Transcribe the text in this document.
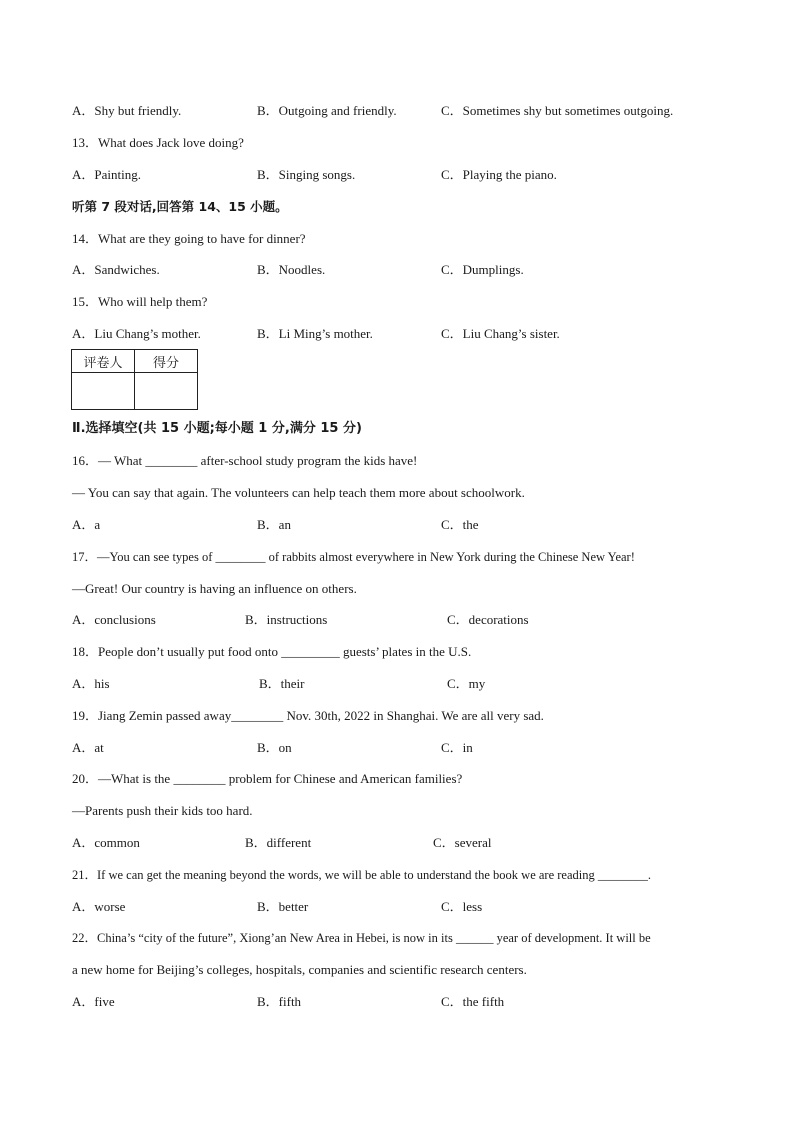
A．Shy but friendly.	B．Outgoing and friendly.	C．Sometimes shy but sometimes outgoing.
13．What does Jack love doing?
A．Painting.	B．Singing songs.	C．Playing the piano.
听第 7 段对话,回答第 14、15 小题。
14．What are they going to have for dinner?
A．Sandwiches.	B．Noodles.	C．Dumplings.
15．Who will help them?
A．Liu Chang’s mother.	B．Li Ming’s mother.	C．Liu Chang’s sister.
评卷人	得分

Ⅱ.选择填空(共 15 小题;每小题 1 分,满分 15 分)
16．— What ________ after-school study program the kids have!
— You can say that again. The volunteers can help teach them more about schoolwork.
A．a	B．an	C．the
17．—You can see types of ________ of rabbits almost everywhere in New York during the Chinese New Year!
—Great! Our country is having an influence on others.
A．conclusions	B．instructions	C．decorations
18．People don’t usually put food onto _________ guests’ plates in the U.S.
A．his	B．their	C．my
19．Jiang Zemin passed away________ Nov. 30th, 2022 in Shanghai. We are all very sad.
A．at	B．on	C．in
20．—What is the ________ problem for Chinese and American families?
—Parents push their kids too hard.
A．common	B．different	C．several
21．If we can get the meaning beyond the words, we will be able to understand the book we are reading ________.
A．worse	B．better	C．less
22．China’s “city of the future”, Xiong’an New Area in Hebei, is now in its ______ year of development. It will be
a new home for Beijing’s colleges, hospitals, companies and scientific research centers.
A．five	B．fifth	C．the fifth
